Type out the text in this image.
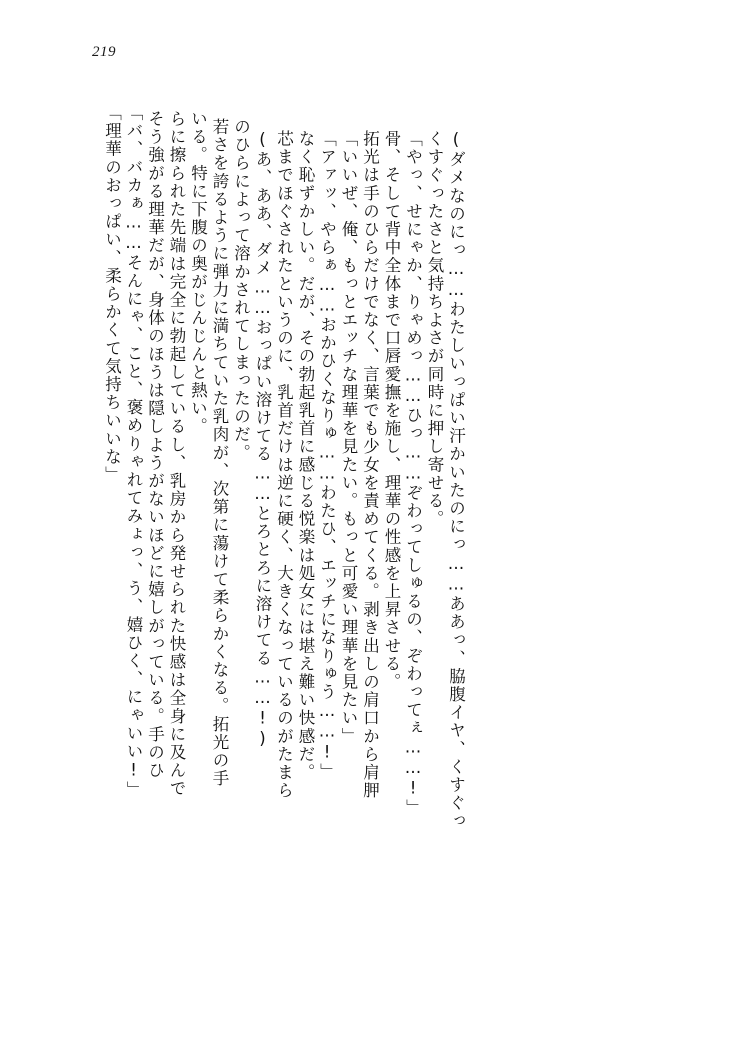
219
「理華のおっぱい、柔らかくて気持ちいいな」 「バ、バカぁ……そんにゃ、こと、褒めりゃれてみょっ、う、嬉ひく、にゃいい!」 そう強がる理華だが、身体のほうは隠しようがないほどに嬉しがっている。手のひ らに擦られた先端は完全に勃起しているし、乳房から発せられた快感は全身に及んで いる。特に下腹の奥がじんじんと熱い。 若さを誇るように弾力に満ちていた乳肉が、次第に蕩けて柔らかくなる。拓光の手 のひらによって溶かされてしまったのだ。 (あ、ああ、ダメ……おっぱい溶けてる……とろとろに溶けてる……!) 芯までほぐされたというのに、乳首だけは逆に硬く、大きくなっているのがたまら なく恥ずかしい。だが、その勃起乳首に感じる悦楽は処女には堪え難い快感だ。 「アァッ、やらぁ……おかひくなりゅ……わたひ、エッチになりゅう……!」 「いいぜ、俺、もっとエッチな理華を見たい。もっと可愛い理華を見たい」 拓光は手のひらだけでなく、言葉でも少女を責めてくる。剥き出しの肩口から肩胛 骨、そして背中全体まで口唇愛撫を施し、理華の性感を上昇させる。 「やっ、せにゃか、りゃめっ……ひっ……ぞわってしゅるの、ぞわってぇ……!」 くすぐったさと気持ちよさが同時に押し寄せる。 (ダメなのにっ……わたしいっぱい汗かいたのにっ……ああっ、脇腹イヤ、くすぐっ
